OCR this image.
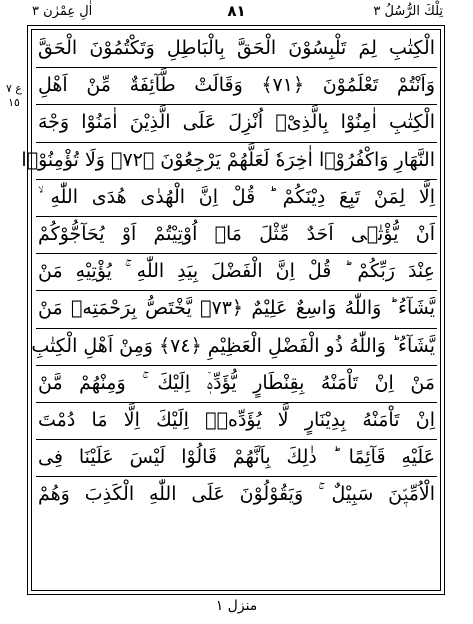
تِلْكَ الرُّسُلُ ٣
٨١
اٰلِ عِمْرٰن ٣
ع ٧ ١٥
الْكِتٰبِ لِمَ تَلْبِسُوْنَ الْحَقَّ بِالْبَاطِلِ وَتَكْتُمُوْنَ الْحَقَّ
وَاَنْتُمْ تَعْلَمُوْنَ ﴿٧١﴾ وَقَالَتْ طَّآئِفَةٌ مِّنْ اَهْلِ
الْكِتٰبِ اٰمِنُوْا بِالَّذِیْۤ اُنْزِلَ عَلَى الَّذِیْنَ اٰمَنُوْا وَجْهَ
النَّهَارِ وَاكْفُرُوْۤا اٰخِرَهٗ لَعَلَّهُمْ یَرْجِعُوْنَ ﴿٧٢﴾ وَلَا تُؤْمِنُوْۤا
اِلَّا لِمَنْ تَبِعَ دِیْنَكُمْ ؕ قُلْ اِنَّ الْهُدٰى هُدَى اللّٰهِ ۙ
اَنْ یُّؤْتٰۤى اَحَدٌ مِّثْلَ مَاۤ اُوْتِیْتُمْ اَوْ یُحَآجُّوْكُمْ
عِنْدَ رَبِّكُمْ ؕ قُلْ اِنَّ الْفَضْلَ بِیَدِ اللّٰهِ ۚ یُؤْتِیْهِ مَنْ
یَّشَآءُ ؕ وَاللّٰهُ وَاسِعٌ عَلِیْمٌ ﴿٧٣﴾ یَّخْتَصُّ بِرَحْمَتِهٖ مَنْ
یَّشَآءُ ؕ وَاللّٰهُ ذُو الْفَضْلِ الْعَظِیْمِ ﴿٧٤﴾ وَمِنْ اَهْلِ الْكِتٰبِ
مَنْ اِنْ تَاْمَنْهُ بِقِنْطَارٍ یُّؤَدِّهٖۤ اِلَیْكَ ۚ وَمِنْهُمْ مَّنْ
اِنْ تَاْمَنْهُ بِدِیْنَارٍ لَّا یُؤَدِّهٖۤ اِلَیْكَ اِلَّا مَا دُمْتَ
عَلَیْهِ قَآئِمًا ؕ ذٰلِكَ بِاَنَّهُمْ قَالُوْا لَیْسَ عَلَیْنَا فِی
الْاُمِّیّٖنَ سَبِیْلٌ ۚ وَیَقُوْلُوْنَ عَلَى اللّٰهِ الْكَذِبَ وَهُمْ
منزل ١
